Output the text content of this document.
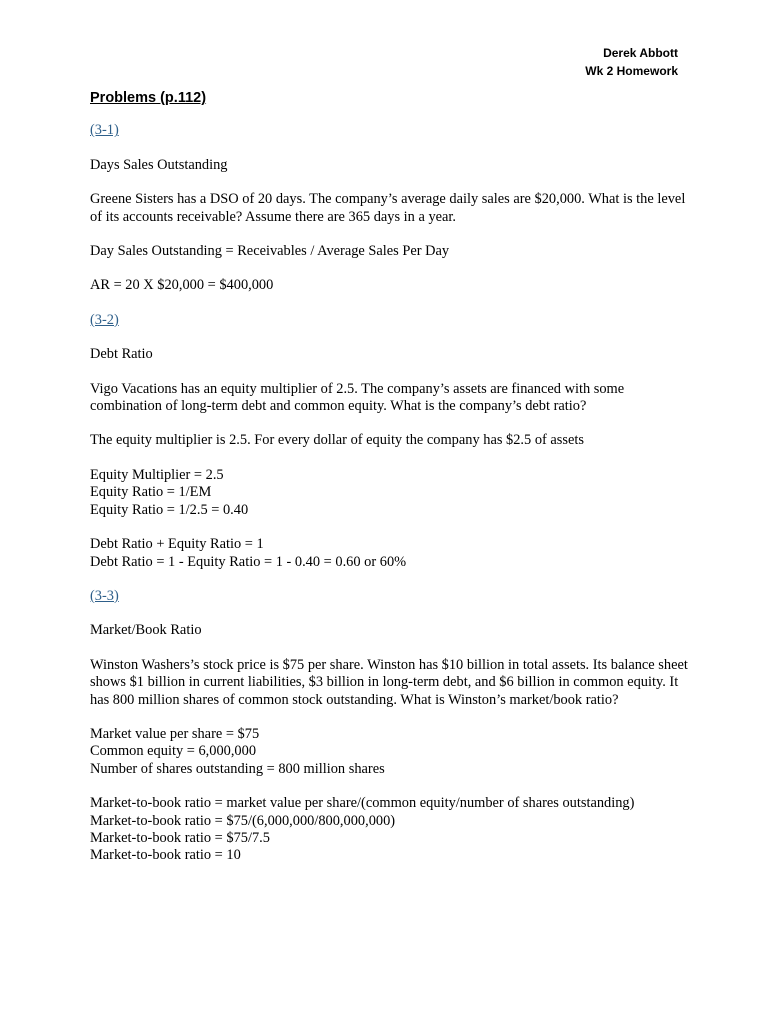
Derek Abbott
Wk 2 Homework
Problems (p.112)
(3-1)
Days Sales Outstanding
Greene Sisters has a DSO of 20 days. The company’s average daily sales are $20,000. What is the level of its accounts receivable? Assume there are 365 days in a year.
Day Sales Outstanding = Receivables / Average Sales Per Day
AR = 20 X $20,000 = $400,000
(3-2)
Debt Ratio
Vigo Vacations has an equity multiplier of 2.5. The company’s assets are financed with some combination of long-term debt and common equity. What is the company’s debt ratio?
The equity multiplier is 2.5. For every dollar of equity the company has $2.5 of assets
Equity Multiplier = 2.5
Equity Ratio = 1/EM
Equity Ratio = 1/2.5 = 0.40
Debt Ratio + Equity Ratio = 1
Debt Ratio = 1 - Equity Ratio = 1 - 0.40 = 0.60 or 60%
(3-3)
Market/Book Ratio
Winston Washers’s stock price is $75 per share. Winston has $10 billion in total assets. Its balance sheet shows $1 billion in current liabilities, $3 billion in long-term debt, and $6 billion in common equity. It has 800 million shares of common stock outstanding. What is Winston’s market/book ratio?
Market value per share = $75
Common equity = 6,000,000
Number of shares outstanding = 800 million shares
Market-to-book ratio = market value per share/(common equity/number of shares outstanding)
Market-to-book ratio = $75/(6,000,000/800,000,000)
Market-to-book ratio = $75/7.5
Market-to-book ratio = 10
